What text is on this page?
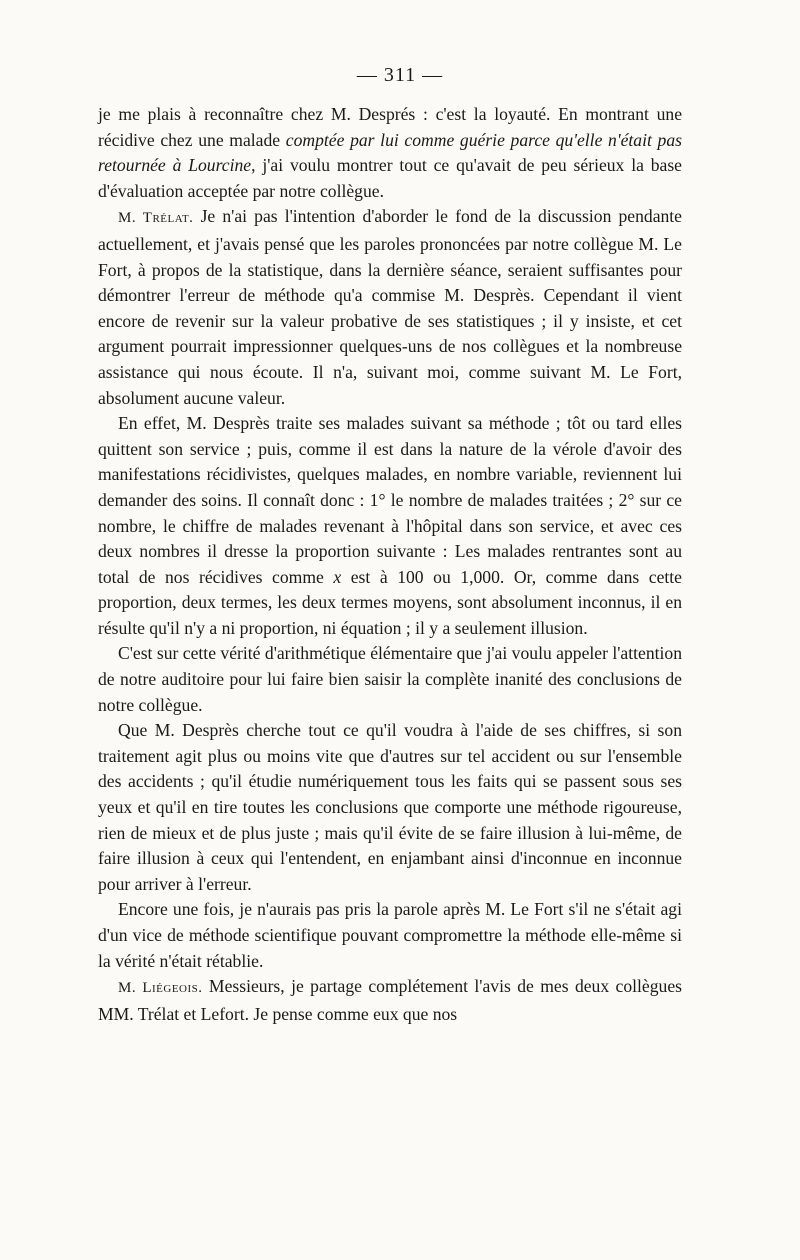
— 311 —

je me plais à reconnaître chez M. Després : c'est la loyauté. En montrant une récidive chez une malade comptée par lui comme guérie parce qu'elle n'était pas retournée à Lourcine, j'ai voulu montrer tout ce qu'avait de peu sérieux la base d'évaluation acceptée par notre collègue.

M. Trélat. Je n'ai pas l'intention d'aborder le fond de la discussion pendante actuellement, et j'avais pensé que les paroles prononcées par notre collègue M. Le Fort, à propos de la statistique, dans la dernière séance, seraient suffisantes pour démontrer l'erreur de méthode qu'a commise M. Desprès. Cependant il vient encore de revenir sur la valeur probative de ses statistiques ; il y insiste, et cet argument pourrait impressionner quelques-uns de nos collègues et la nombreuse assistance qui nous écoute. Il n'a, suivant moi, comme suivant M. Le Fort, absolument aucune valeur.

En effet, M. Desprès traite ses malades suivant sa méthode ; tôt ou tard elles quittent son service ; puis, comme il est dans la nature de la vérole d'avoir des manifestations récidivistes, quelques malades, en nombre variable, reviennent lui demander des soins. Il connaît donc : 1° le nombre de malades traitées ; 2° sur ce nombre, le chiffre de malades revenant à l'hôpital dans son service, et avec ces deux nombres il dresse la proportion suivante : Les malades rentrantes sont au total de nos récidives comme x est à 100 ou 1,000. Or, comme dans cette proportion, deux termes, les deux termes moyens, sont absolument inconnus, il en résulte qu'il n'y a ni proportion, ni équation ; il y a seulement illusion.

C'est sur cette vérité d'arithmétique élémentaire que j'ai voulu appeler l'attention de notre auditoire pour lui faire bien saisir la complète inanité des conclusions de notre collègue.

Que M. Desprès cherche tout ce qu'il voudra à l'aide de ses chiffres, si son traitement agit plus ou moins vite que d'autres sur tel accident ou sur l'ensemble des accidents ; qu'il étudie numériquement tous les faits qui se passent sous ses yeux et qu'il en tire toutes les conclusions que comporte une méthode rigoureuse, rien de mieux et de plus juste ; mais qu'il évite de se faire illusion à lui-même, de faire illusion à ceux qui l'entendent, en enjambant ainsi d'inconnue en inconnue pour arriver à l'erreur.

Encore une fois, je n'aurais pas pris la parole après M. Le Fort s'il ne s'était agi d'un vice de méthode scientifique pouvant compromettre la méthode elle-même si la vérité n'était rétablie.

M. Liégeois. Messieurs, je partage complétement l'avis de mes deux collègues MM. Trélat et Lefort. Je pense comme eux que nos
